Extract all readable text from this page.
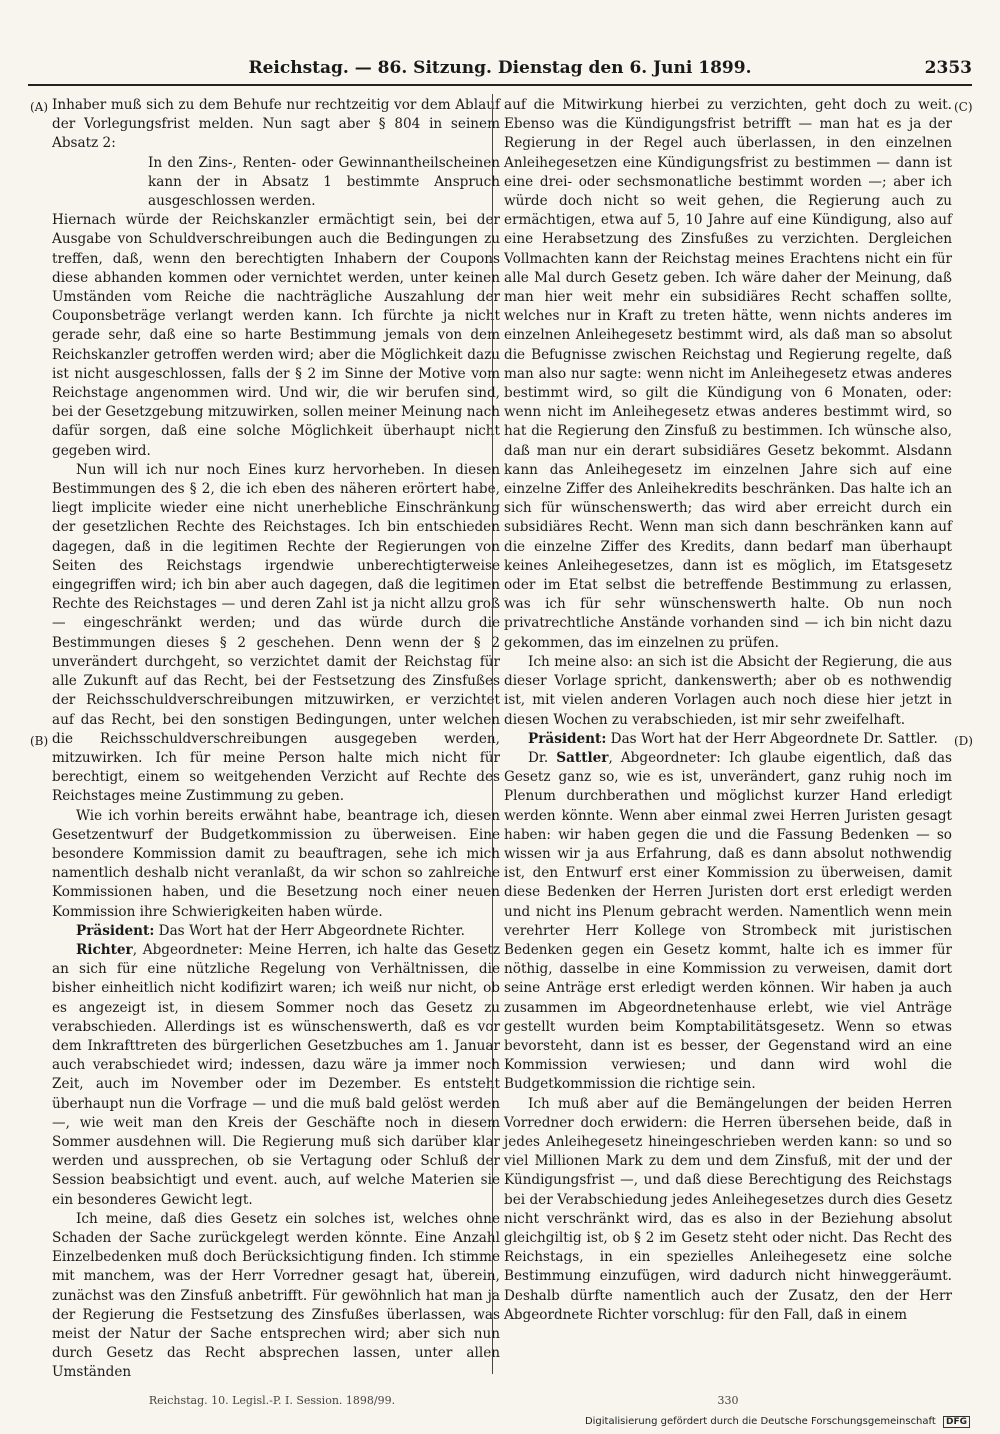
Reichstag. — 86. Sitzung. Dienstag den 6. Juni 1899.	2353
(A)
(B)
(C)
(D)

Inhaber muß sich zu dem Behufe nur rechtzeitig vor dem Ablauf der Vorlegungsfrist melden. Nun sagt aber § 804 in seinem Absatz 2:

In den Zins-, Renten- oder Gewinnantheilscheinen kann der in Absatz 1 bestimmte Anspruch ausgeschlossen werden.

Hiernach würde der Reichskanzler ermächtigt sein, bei der Ausgabe von Schuldverschreibungen auch die Bedingungen zu treffen, daß, wenn den berechtigten Inhabern der Coupons diese abhanden kommen oder vernichtet werden, unter keinen Umständen vom Reiche die nachträgliche Auszahlung der Couponsbeträge verlangt werden kann. Ich fürchte ja nicht gerade sehr, daß eine so harte Bestimmung jemals von dem Reichskanzler getroffen werden wird; aber die Möglichkeit dazu ist nicht ausgeschlossen, falls der § 2 im Sinne der Motive vom Reichstage angenommen wird. Und wir, die wir berufen sind, bei der Gesetzgebung mitzuwirken, sollen meiner Meinung nach dafür sorgen, daß eine solche Möglichkeit überhaupt nicht gegeben wird.

Nun will ich nur noch Eines kurz hervorheben. In diesen Bestimmungen des § 2, die ich eben des näheren erörtert habe, liegt implicite wieder eine nicht unerhebliche Einschränkung der gesetzlichen Rechte des Reichstages. Ich bin entschieden dagegen, daß in die legitimen Rechte der Regierungen von Seiten des Reichstags irgendwie unberechtigterweise eingegriffen wird; ich bin aber auch dagegen, daß die legitimen Rechte des Reichstages — und deren Zahl ist ja nicht allzu groß — eingeschränkt werden; und das würde durch die Bestimmungen dieses § 2 geschehen. Denn wenn der § 2 unverändert durchgeht, so verzichtet damit der Reichstag für alle Zukunft auf das Recht, bei der Festsetzung des Zinsfußes der Reichsschuldverschreibungen mitzuwirken, er verzichtet auf das Recht, bei den sonstigen Bedingungen, unter welchen die Reichsschuldverschreibungen ausgegeben werden, mitzuwirken. Ich für meine Person halte mich nicht für berechtigt, einem so weitgehenden Verzicht auf Rechte des Reichstages meine Zustimmung zu geben.

Wie ich vorhin bereits erwähnt habe, beantrage ich, diesen Gesetzentwurf der Budgetkommission zu überweisen. Eine besondere Kommission damit zu beauftragen, sehe ich mich namentlich deshalb nicht veranlaßt, da wir schon so zahlreiche Kommissionen haben, und die Besetzung noch einer neuen Kommission ihre Schwierigkeiten haben würde.

Präsident: Das Wort hat der Herr Abgeordnete Richter.

Richter, Abgeordneter: Meine Herren, ich halte das Gesetz an sich für eine nützliche Regelung von Verhältnissen, die bisher einheitlich nicht kodifizirt waren; ich weiß nur nicht, ob es angezeigt ist, in diesem Sommer noch das Gesetz zu verabschieden. Allerdings ist es wünschenswerth, daß es vor dem Inkrafttreten des bürgerlichen Gesetzbuches am 1. Januar auch verabschiedet wird; indessen, dazu wäre ja immer noch Zeit, auch im November oder im Dezember. Es entsteht überhaupt nun die Vorfrage — und die muß bald gelöst werden —, wie weit man den Kreis der Geschäfte noch in diesem Sommer ausdehnen will. Die Regierung muß sich darüber klar werden und aussprechen, ob sie Vertagung oder Schluß der Session beabsichtigt und event. auch, auf welche Materien sie ein besonderes Gewicht legt.

Ich meine, daß dies Gesetz ein solches ist, welches ohne Schaden der Sache zurückgelegt werden könnte. Eine Anzahl Einzelbedenken muß doch Berücksichtigung finden. Ich stimme mit manchem, was der Herr Vorredner gesagt hat, überein, zunächst was den Zinsfuß anbetrifft. Für gewöhnlich hat man ja der Regierung die Festsetzung des Zinsfußes überlassen, was meist der Natur der Sache entsprechen wird; aber sich nun durch Gesetz das Recht absprechen lassen, unter allen Umständen

auf die Mitwirkung hierbei zu verzichten, geht doch zu weit. Ebenso was die Kündigungsfrist betrifft — man hat es ja der Regierung in der Regel auch überlassen, in den einzelnen Anleihegesetzen eine Kündigungsfrist zu bestimmen — dann ist eine drei- oder sechsmonatliche bestimmt worden —; aber ich würde doch nicht so weit gehen, die Regierung auch zu ermächtigen, etwa auf 5, 10 Jahre auf eine Kündigung, also auf eine Herabsetzung des Zinsfußes zu verzichten. Dergleichen Vollmachten kann der Reichstag meines Erachtens nicht ein für alle Mal durch Gesetz geben. Ich wäre daher der Meinung, daß man hier weit mehr ein subsidiäres Recht schaffen sollte, welches nur in Kraft zu treten hätte, wenn nichts anderes im einzelnen Anleihegesetz bestimmt wird, als daß man so absolut die Befugnisse zwischen Reichstag und Regierung regelte, daß man also nur sagte: wenn nicht im Anleihegesetz etwas anderes bestimmt wird, so gilt die Kündigung von 6 Monaten, oder: wenn nicht im Anleihegesetz etwas anderes bestimmt wird, so hat die Regierung den Zinsfuß zu bestimmen. Ich wünsche also, daß man nur ein derart subsidiäres Gesetz bekommt. Alsdann kann das Anleihegesetz im einzelnen Jahre sich auf eine einzelne Ziffer des Anleihekredits beschränken. Das halte ich an sich für wünschenswerth; das wird aber erreicht durch ein subsidiäres Recht. Wenn man sich dann beschränken kann auf die einzelne Ziffer des Kredits, dann bedarf man überhaupt keines Anleihegesetzes, dann ist es möglich, im Etatsgesetz oder im Etat selbst die betreffende Bestimmung zu erlassen, was ich für sehr wünschenswerth halte. Ob nun noch privatrechtliche Anstände vorhanden sind — ich bin nicht dazu gekommen, das im einzelnen zu prüfen.

Ich meine also: an sich ist die Absicht der Regierung, die aus dieser Vorlage spricht, dankenswerth; aber ob es nothwendig ist, mit vielen anderen Vorlagen auch noch diese hier jetzt in diesen Wochen zu verabschieden, ist mir sehr zweifelhaft.

Präsident: Das Wort hat der Herr Abgeordnete Dr. Sattler.

Dr. Sattler, Abgeordneter: Ich glaube eigentlich, daß das Gesetz ganz so, wie es ist, unverändert, ganz ruhig noch im Plenum durchberathen und möglichst kurzer Hand erledigt werden könnte. Wenn aber einmal zwei Herren Juristen gesagt haben: wir haben gegen die und die Fassung Bedenken — so wissen wir ja aus Erfahrung, daß es dann absolut nothwendig ist, den Entwurf erst einer Kommission zu überweisen, damit diese Bedenken der Herren Juristen dort erst erledigt werden und nicht ins Plenum gebracht werden. Namentlich wenn mein verehrter Herr Kollege von Strombeck mit juristischen Bedenken gegen ein Gesetz kommt, halte ich es immer für nöthig, dasselbe in eine Kommission zu verweisen, damit dort seine Anträge erst erledigt werden können. Wir haben ja auch zusammen im Abgeordnetenhause erlebt, wie viel Anträge gestellt wurden beim Komptabilitätsgesetz. Wenn so etwas bevorsteht, dann ist es besser, der Gegenstand wird an eine Kommission verwiesen; und dann wird wohl die Budgetkommission die richtige sein.

Ich muß aber auf die Bemängelungen der beiden Herren Vorredner doch erwidern: die Herren übersehen beide, daß in jedes Anleihegesetz hineingeschrieben werden kann: so und so viel Millionen Mark zu dem und dem Zinsfuß, mit der und der Kündigungsfrist —, und daß diese Berechtigung des Reichstags bei der Verabschiedung jedes Anleihegesetzes durch dies Gesetz nicht verschränkt wird, das es also in der Beziehung absolut gleichgiltig ist, ob § 2 im Gesetz steht oder nicht. Das Recht des Reichstags, in ein spezielles Anleihegesetz eine solche Bestimmung einzufügen, wird dadurch nicht hinweggeräumt. Deshalb dürfte namentlich auch der Zusatz, den der Herr Abgeordnete Richter vorschlug: für den Fall, daß in einem

Reichstag. 10. Legisl.-P. I. Session. 1898/99.	330
Digitalisierung gefördert durch die Deutsche Forschungsgemeinschaft DFG
